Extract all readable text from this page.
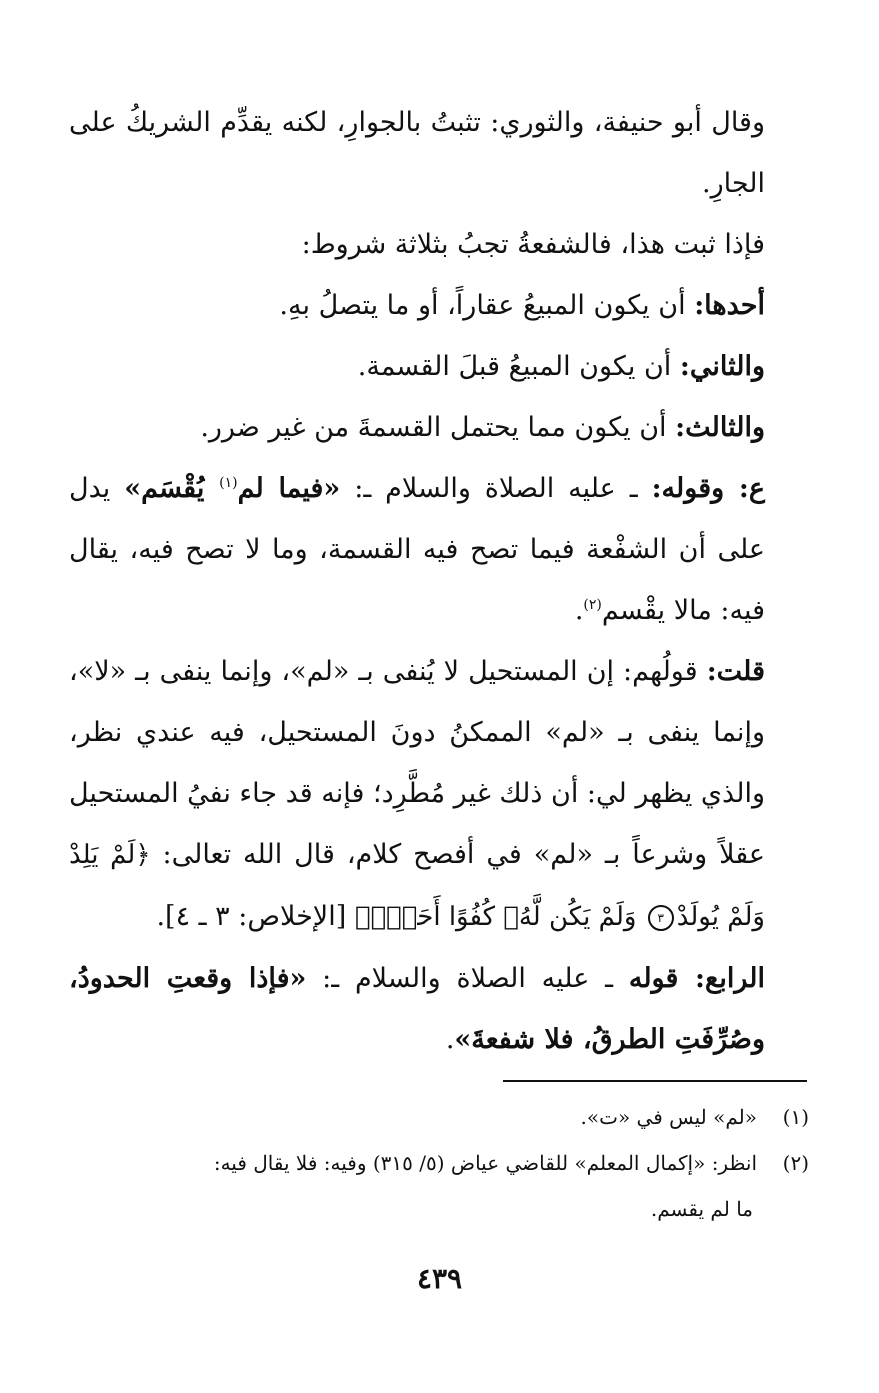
وقال أبو حنيفة، والثوري: تثبتُ بالجوارِ، لكنه يقدِّم الشريكُ على الجارِ.

فإذا ثبت هذا، فالشفعةُ تجبُ بثلاثة شروط:

أحدها: أن يكون المبيعُ عقاراً، أو ما يتصلُ بهِ.

والثاني: أن يكون المبيعُ قبلَ القسمة.

والثالث: أن يكون مما يحتمل القسمةَ من غير ضرر.

ع: وقوله: ـ عليه الصلاة والسلام ـ: «فيما لم$^{(١)}$ يُقْسَم» يدل على أن الشفْعة فيما تصح فيه القسمة، وما لا تصح فيه، يقال فيه: مالا يقْسم$^{(٢)}$.

قلت: قولُهم: إن المستحيل لا يُنفى بـ «لم»، وإنما ينفى بـ «لا»، وإنما ينفى بـ «لم» الممكنُ دونَ المستحيل، فيه عندي نظر، والذي يظهر لي: أن ذلك غير مُطَّرِد؛ فإنه قد جاء نفيُ المستحيل عقلاً وشرعاً بـ «لم» في أفصح كلام، قال الله تعالى: ﴿لَمْ يَلِدْ وَلَمْ يُولَدْ٣ وَلَمْ يَكُن لَّهُۥ كُفُوًا أَحَدٌۢ﴾ [الإخلاص: ٣ ـ ٤].

الرابع: قوله ـ عليه الصلاة والسلام ـ: «فإذا وقعتِ الحدودُ، وصُرِّفَتِ الطرقُ، فلا شفعةَ».

(١)«لم» ليس في «ت».

(٢)انظر: «إكمال المعلم» للقاضي عياض (٥/ ٣١٥) وفيه: فلا يقال فيه:

ما لم يقسم.

٤٣٩
